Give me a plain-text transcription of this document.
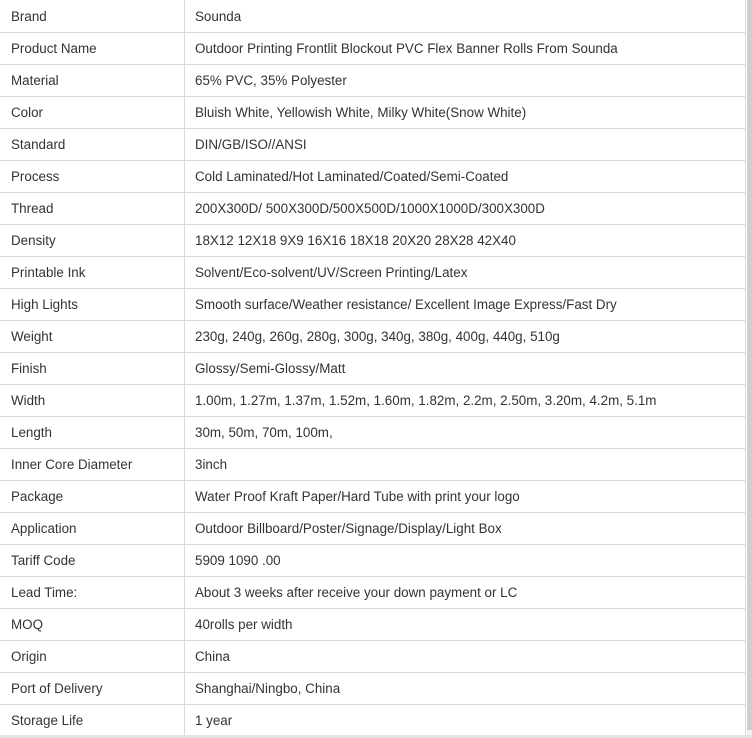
Brand	Sounda
Product Name	Outdoor Printing Frontlit Blockout PVC Flex Banner Rolls From Sounda
Material	65% PVC, 35% Polyester
Color	Bluish White, Yellowish White, Milky White(Snow White)
Standard	DIN/GB/ISO//ANSI
Process	Cold Laminated/Hot Laminated/Coated/Semi-Coated
Thread	200X300D/ 500X300D/500X500D/1000X1000D/300X300D
Density	18X12 12X18 9X9 16X16 18X18 20X20 28X28 42X40
Printable Ink	Solvent/Eco-solvent/UV/Screen Printing/Latex
High Lights	Smooth surface/Weather resistance/ Excellent Image Express/Fast Dry
Weight	230g, 240g, 260g, 280g, 300g, 340g, 380g, 400g, 440g, 510g
Finish	Glossy/Semi-Glossy/Matt
Width	1.00m, 1.27m, 1.37m, 1.52m, 1.60m, 1.82m, 2.2m, 2.50m, 3.20m, 4.2m, 5.1m
Length	30m, 50m, 70m, 100m,
Inner Core Diameter	3inch
Package	Water Proof Kraft Paper/Hard Tube with print your logo
Application	Outdoor Billboard/Poster/Signage/Display/Light Box
Tariff Code	5909 1090 .00
Lead Time:	About 3 weeks after receive your down payment or LC
MOQ	40rolls per width
Origin	China
Port of Delivery	Shanghai/Ningbo, China
Storage Life	1 year
